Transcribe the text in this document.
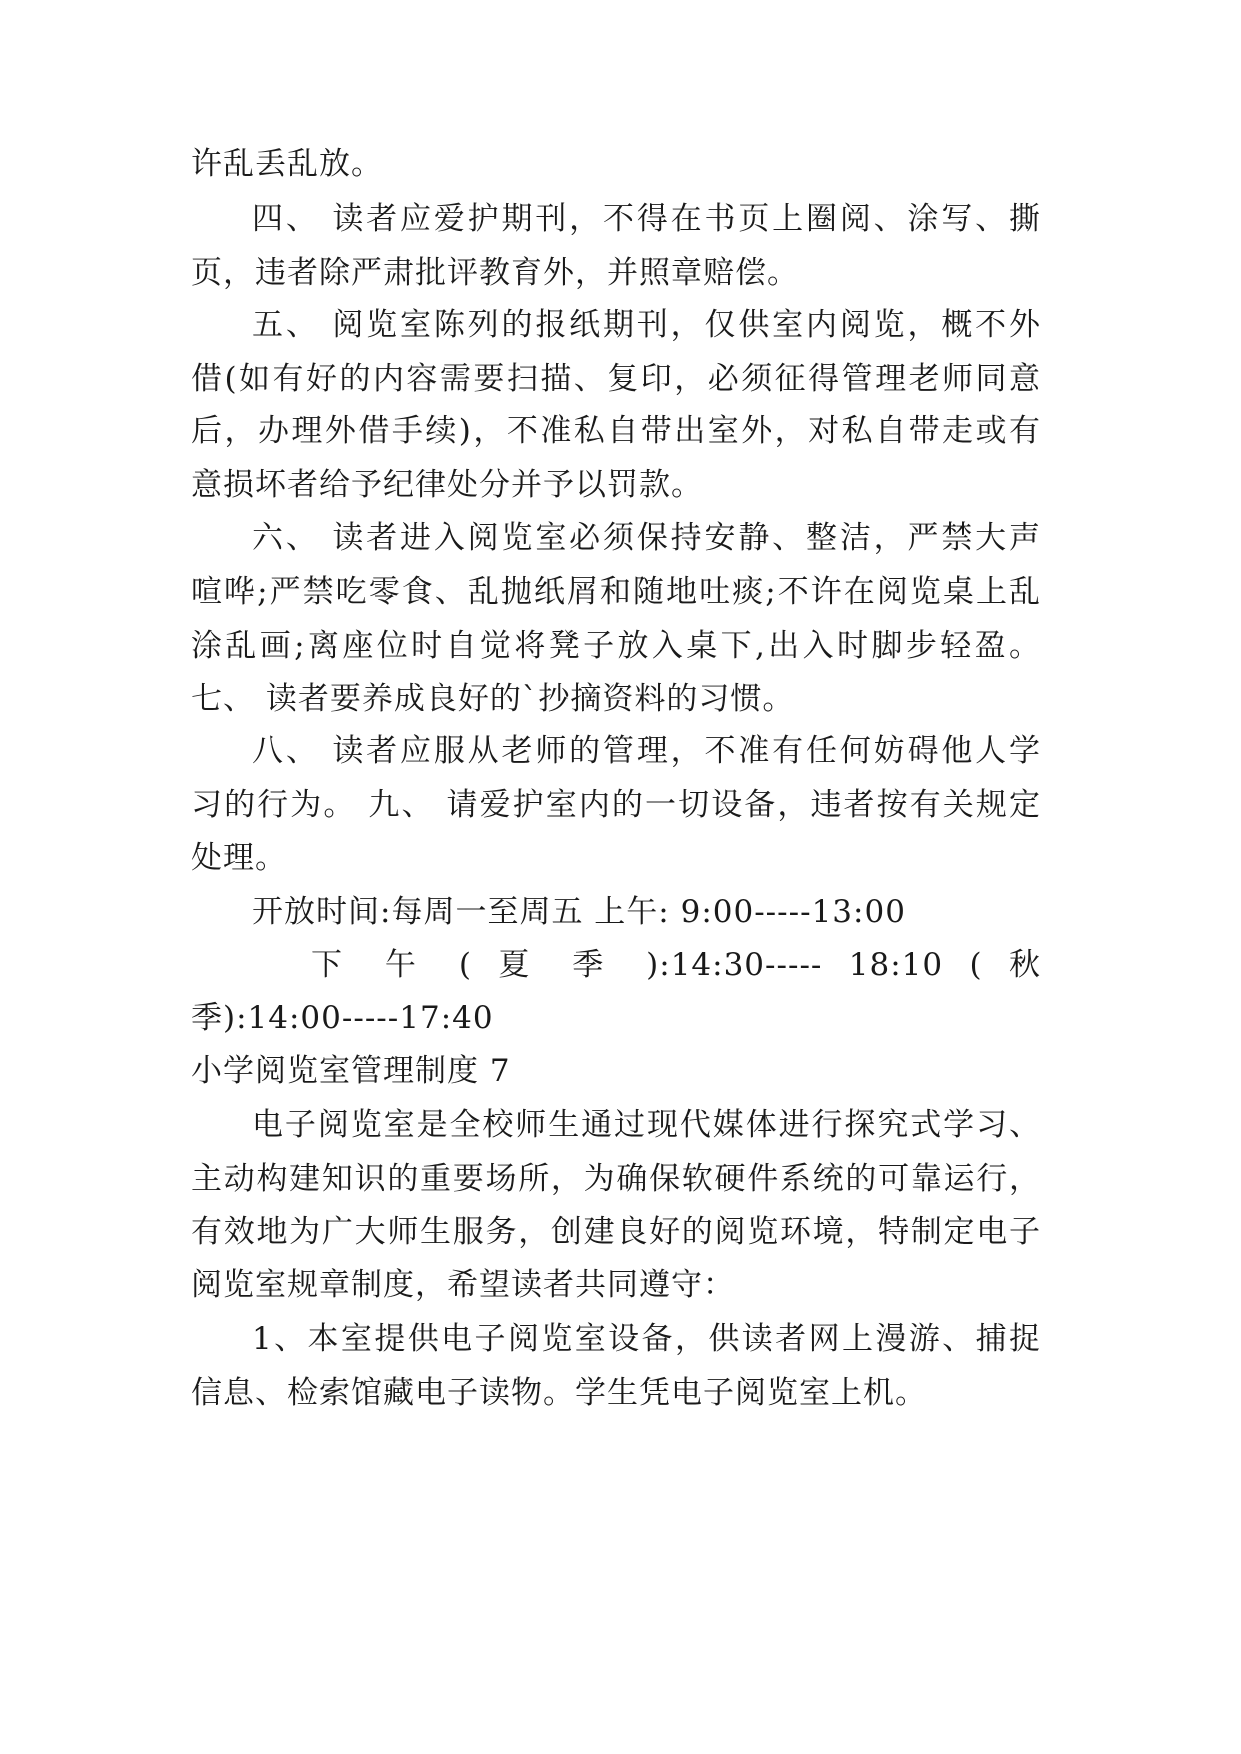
许乱丢乱放。
四、 读者应爱护期刊，不得在书页上圈阅、涂写、撕
页，违者除严肃批评教育外，并照章赔偿。
五、 阅览室陈列的报纸期刊，仅供室内阅览，概不外
借(如有好的内容需要扫描、复印，必须征得管理老师同意
后，办理外借手续)，不准私自带出室外，对私自带走或有
意损坏者给予纪律处分并予以罚款。
六、 读者进入阅览室必须保持安静、整洁，严禁大声
喧哗;严禁吃零食、乱抛纸屑和随地吐痰;不许在阅览桌上乱
涂乱画;离座位时自觉将凳子放入桌下,出入时脚步轻盈。
七、 读者要养成良好的`抄摘资料的习惯。
八、 读者应服从老师的管理，不准有任何妨碍他人学
习的行为。 九、 请爱护室内的一切设备，违者按有关规定
处理。
开放时间:每周一至周五 上午: 9:00-----13:00
下 午 ( 夏 季 ):14:30----- 18:10 ( 秋
季):14:00-----17:40
小学阅览室管理制度 7
电子阅览室是全校师生通过现代媒体进行探究式学习、
主动构建知识的重要场所，为确保软硬件系统的可靠运行，
有效地为广大师生服务，创建良好的阅览环境，特制定电子
阅览室规章制度，希望读者共同遵守：
1、本室提供电子阅览室设备，供读者网上漫游、捕捉
信息、检索馆藏电子读物。学生凭电子阅览室上机。
